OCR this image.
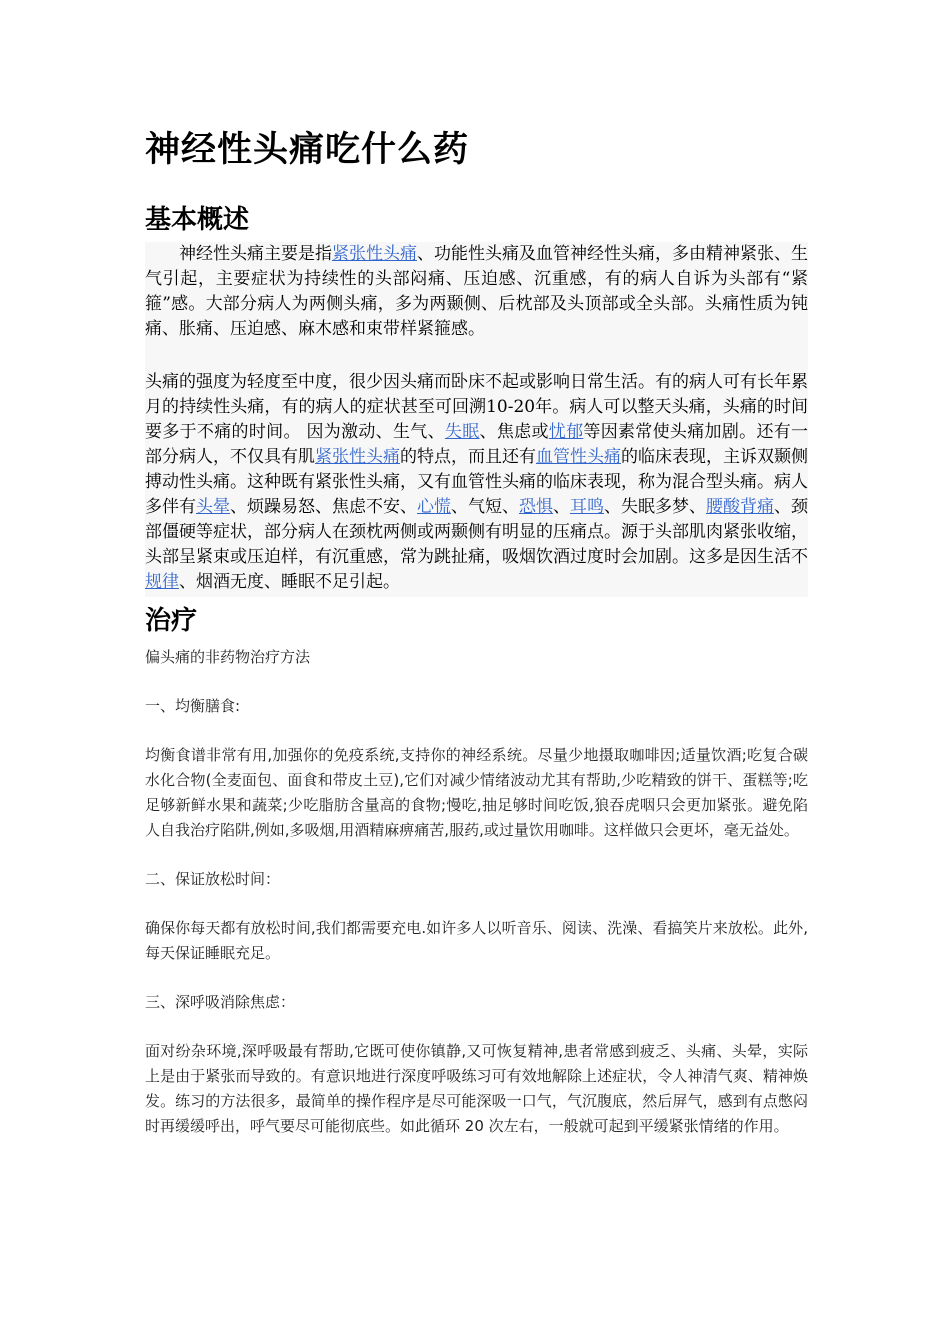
神经性头痛吃什么药
基本概述

神经性头痛主要是指紧张性头痛、功能性头痛及血管神经性头痛，多由精神紧张、生气引起，主要症状为持续性的头部闷痛、压迫感、沉重感，有的病人自诉为头部有“紧箍”感。大部分病人为两侧头痛，多为两颞侧、后枕部及头顶部或全头部。头痛性质为钝痛、胀痛、压迫感、麻木感和束带样紧箍感。

头痛的强度为轻度至中度，很少因头痛而卧床不起或影响日常生活。有的病人可有长年累月的持续性头痛，有的病人的症状甚至可回溯10-20年。病人可以整天头痛，头痛的时间要多于不痛的时间。 因为激动、生气、失眠、焦虑或忧郁等因素常使头痛加剧。还有一部分病人，不仅具有肌紧张性头痛的特点，而且还有血管性头痛的临床表现，主诉双颞侧搏动性头痛。这种既有紧张性头痛，又有血管性头痛的临床表现，称为混合型头痛。病人多伴有头晕、烦躁易怒、焦虑不安、心慌、气短、恐惧、耳鸣、失眠多梦、腰酸背痛、颈部僵硬等症状，部分病人在颈枕两侧或两颞侧有明显的压痛点。源于头部肌肉紧张收缩，头部呈紧束或压迫样，有沉重感，常为跳扯痛，吸烟饮酒过度时会加剧。这多是因生活不规律、烟酒无度、睡眠不足引起。

治疗

偏头痛的非药物治疗方法

一、均衡膳食:

均衡食谱非常有用,加强你的免疫系统,支持你的神经系统。尽量少地摄取咖啡因;适量饮酒;吃复合碳水化合物(全麦面包、面食和带皮土豆),它们对减少情绪波动尤其有帮助,少吃精致的饼干、蛋糕等;吃足够新鲜水果和蔬菜;少吃脂肪含量高的食物;慢吃,抽足够时间吃饭,狼吞虎咽只会更加紧张。避免陷人自我治疗陷阱,例如,多吸烟,用酒精麻痹痛苦,服药,或过量饮用咖啡。这样做只会更坏，毫无益处。

二、保证放松时间：

确保你每天都有放松时间,我们都需要充电.如许多人以听音乐、阅读、洗澡、看搞笑片来放松。此外,每天保证睡眠充足。

三、深呼吸消除焦虑：

面对纷杂环境,深呼吸最有帮助,它既可使你镇静,又可恢复精神,患者常感到疲乏、头痛、头晕，实际上是由于紧张而导致的。有意识地进行深度呼吸练习可有效地解除上述症状，令人神清气爽、精神焕发。练习的方法很多，最简单的操作程序是尽可能深吸一口气，气沉腹底，然后屏气，感到有点憋闷时再缓缓呼出，呼气要尽可能彻底些。如此循环 20 次左右，一般就可起到平缓紧张情绪的作用。
